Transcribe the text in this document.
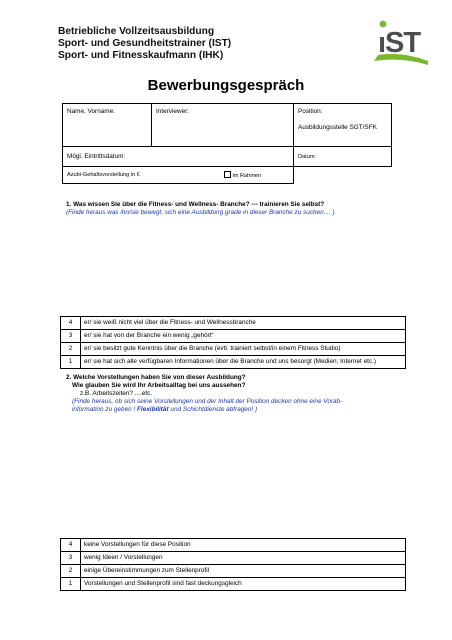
Betriebliche Vollzeitsausbildung
Sport- und Gesundheitstrainer (IST)
Sport- und Fitnesskaufmann (IHK)	ıST
Bewerbungsgespräch
Name, Vorname:	Interviewer:	Position:
Ausbildungsstelle SGT/SFK

Mögl. Eintrittsdatum:		Datum:
Azubi-Gehaltsvorstellung in € im Rahmen		

1. Was wissen Sie über die Fitness- und Wellness- Branche? --- trainieren Sie selbst?
(Finde heraus was ihn/sie bewegt, sich eine Ausbildung grade in dieser Branche zu suchen.... )
4	er/ sie weiß nicht viel über die Fitness- und Wellnessbranche
3	er/ sie hat von der Branche ein wenig „gehört“
2	er/ sie besitzt gute Kenntnis über die Branche (evtl. trainiert selbst/in einem Fitness Studio)
1	er/ sie hat sich alle verfügbaren Informationen über die Branche und uns besorgt (Medien; Internet etc.)
2. Welche Vorstellungen haben Sie von dieser Ausbildung?
Wie glauben Sie wird Ihr Arbeitsalltag bei uns aussehen?
z.B. Arbeitszeiten? ....etc.
(Finde heraus, ob sich seine Vorstellungen und der Inhalt der Position decken ohne eine Vorab-
information zu geben ! Flexibilität und Schichtdienste abfragen! )
4	keine Vorstellungen für diese Position
3	wenig Ideen / Vorstellungen
2	einige Übereinstimmungen zum Stellenprofil
1	Vorstellungen und Stellenprofil sind fast deckungsgleich
